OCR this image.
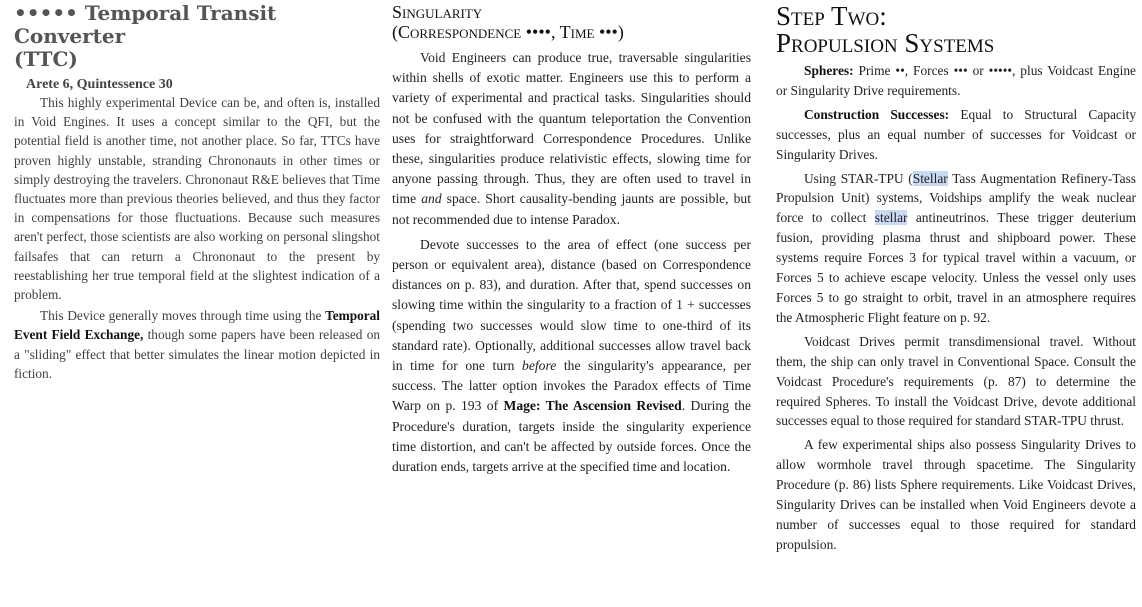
••••• Temporal Transit Converter
(TTC)
Arete 6, Quintessence 30

This highly experimental Device can be, and often is, installed in Void Engines. It uses a concept similar to the QFI, but the potential field is another time, not another place. So far, TTCs have proven highly unstable, stranding Chrononauts in other times or simply destroying the travelers. Chrononaut R&E believes that Time fluctuates more than previous theories believed, and thus they factor in compensations for those fluctuations. Because such measures aren't perfect, those scientists are also working on personal slingshot failsafes that can return a Chrononaut to the present by reestablishing her true temporal field at the slightest indication of a problem.

This Device generally moves through time using the Temporal Event Field Exchange, though some papers have been released on a "sliding" effect that better simulates the linear motion depicted in fiction.

Singularity
(Correspondence ••••, Time •••)

Void Engineers can produce true, traversable singularities within shells of exotic matter. Engineers use this to perform a variety of experimental and practical tasks. Singularities should not be confused with the quantum teleportation the Convention uses for straightforward Correspondence Procedures. Unlike these, singularities produce relativistic effects, slowing time for anyone passing through. Thus, they are often used to travel in time and space. Short causality-bending jaunts are possible, but not recommended due to intense Paradox.

Devote successes to the area of effect (one success per person or equivalent area), distance (based on Correspondence distances on p. 83), and duration. After that, spend successes on slowing time within the singularity to a fraction of 1 + successes (spending two successes would slow time to one-third of its standard rate). Optionally, additional successes allow travel back in time for one turn before the singularity's appearance, per success. The latter option invokes the Paradox effects of Time Warp on p. 193 of Mage: The Ascension Revised. During the Procedure's duration, targets inside the singularity experience time distortion, and can't be affected by outside forces. Once the duration ends, targets arrive at the specified time and location.

Step Two:
Propulsion Systems

Spheres: Prime ••, Forces ••• or •••••, plus Voidcast Engine or Singularity Drive requirements.

Construction Successes: Equal to Structural Capacity successes, plus an equal number of successes for Voidcast or Singularity Drives.

Using STAR-TPU (Stellar Tass Augmentation Refinery-Tass Propulsion Unit) systems, Voidships amplify the weak nuclear force to collect stellar antineutrinos. These trigger deuterium fusion, providing plasma thrust and shipboard power. These systems require Forces 3 for typical travel within a vacuum, or Forces 5 to achieve escape velocity. Unless the vessel only uses Forces 5 to go straight to orbit, travel in an atmosphere requires the Atmospheric Flight feature on p. 92.

Voidcast Drives permit transdimensional travel. Without them, the ship can only travel in Conventional Space. Consult the Voidcast Procedure's requirements (p. 87) to determine the required Spheres. To install the Voidcast Drive, devote additional successes equal to those required for standard STAR-TPU thrust.

A few experimental ships also possess Singularity Drives to allow wormhole travel through spacetime. The Singularity Procedure (p. 86) lists Sphere requirements. Like Voidcast Drives, Singularity Drives can be installed when Void Engineers devote a number of successes equal to those required for standard propulsion.
